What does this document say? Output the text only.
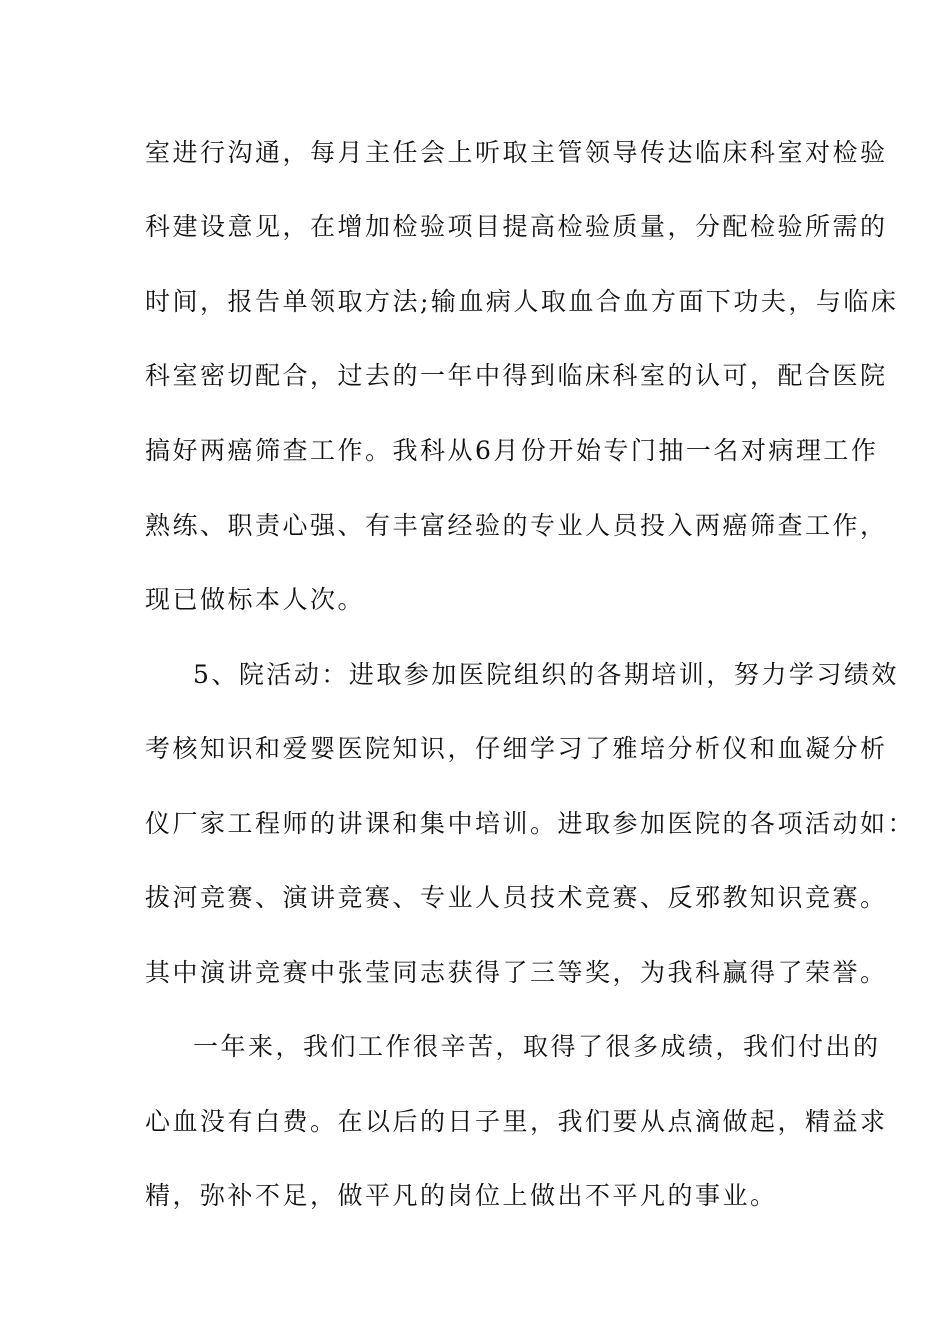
室进行沟通，每月主任会上听取主管领导传达临床科室对检验
科建设意见，在增加检验项目提高检验质量，分配检验所需的
时间，报告单领取方法;输血病人取血合血方面下功夫，与临床
科室密切配合，过去的一年中得到临床科室的认可，配合医院
搞好两癌筛查工作。我科从6月份开始专门抽一名对病理工作
熟练、职责心强、有丰富经验的专业人员投入两癌筛查工作，
现已做标本人次。
5、院活动：进取参加医院组织的各期培训，努力学习绩效
考核知识和爱婴医院知识，仔细学习了雅培分析仪和血凝分析
仪厂家工程师的讲课和集中培训。进取参加医院的各项活动如：
拔河竞赛、演讲竞赛、专业人员技术竞赛、反邪教知识竞赛。
其中演讲竞赛中张莹同志获得了三等奖，为我科赢得了荣誉。
一年来，我们工作很辛苦，取得了很多成绩，我们付出的
心血没有白费。在以后的日子里，我们要从点滴做起，精益求
精，弥补不足，做平凡的岗位上做出不平凡的事业。
